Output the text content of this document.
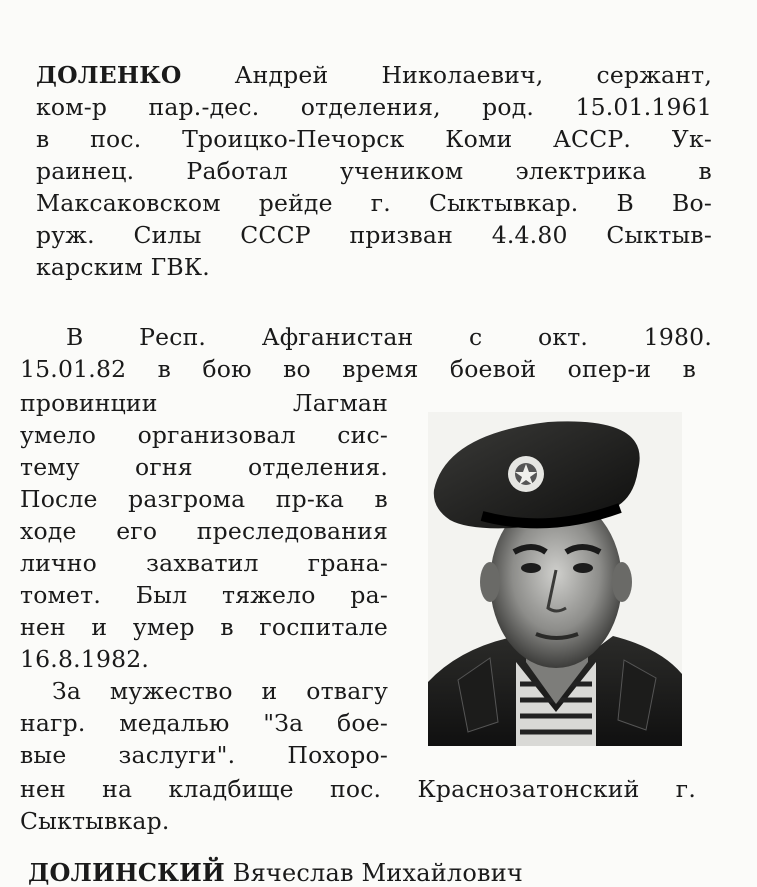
ДОЛЕНКО Андрей Николаевич, сержант,
ком-р пар.-дес. отделения, род. 15.01.1961
в пос. Троицко-Печорск Коми АССР. Ук-
раинец. Работал учеником электрика в
Максаковском рейде г. Сыктывкар. В Во-
руж. Силы СССР призван 4.4.80 Сыктыв-
карским ГВК.
В Респ. Афганистан с окт. 1980.
15.01.82 в бою во время боевой опер-и в
провинции Лагман
умело организовал сис-
тему огня отделения.
После разгрома пр-ка в
ходе его преследования
лично захватил грана-
томет. Был тяжело ра-
нен и умер в госпитале
16.8.1982.
За мужество и отвагу
нагр. медалью "За бое-
вые заслуги". Похоро-
нен на кладбище пос. Краснозатонский г.
Сыктывкар.
ДОЛИНСКИЙ Вячеслав Михайлович
